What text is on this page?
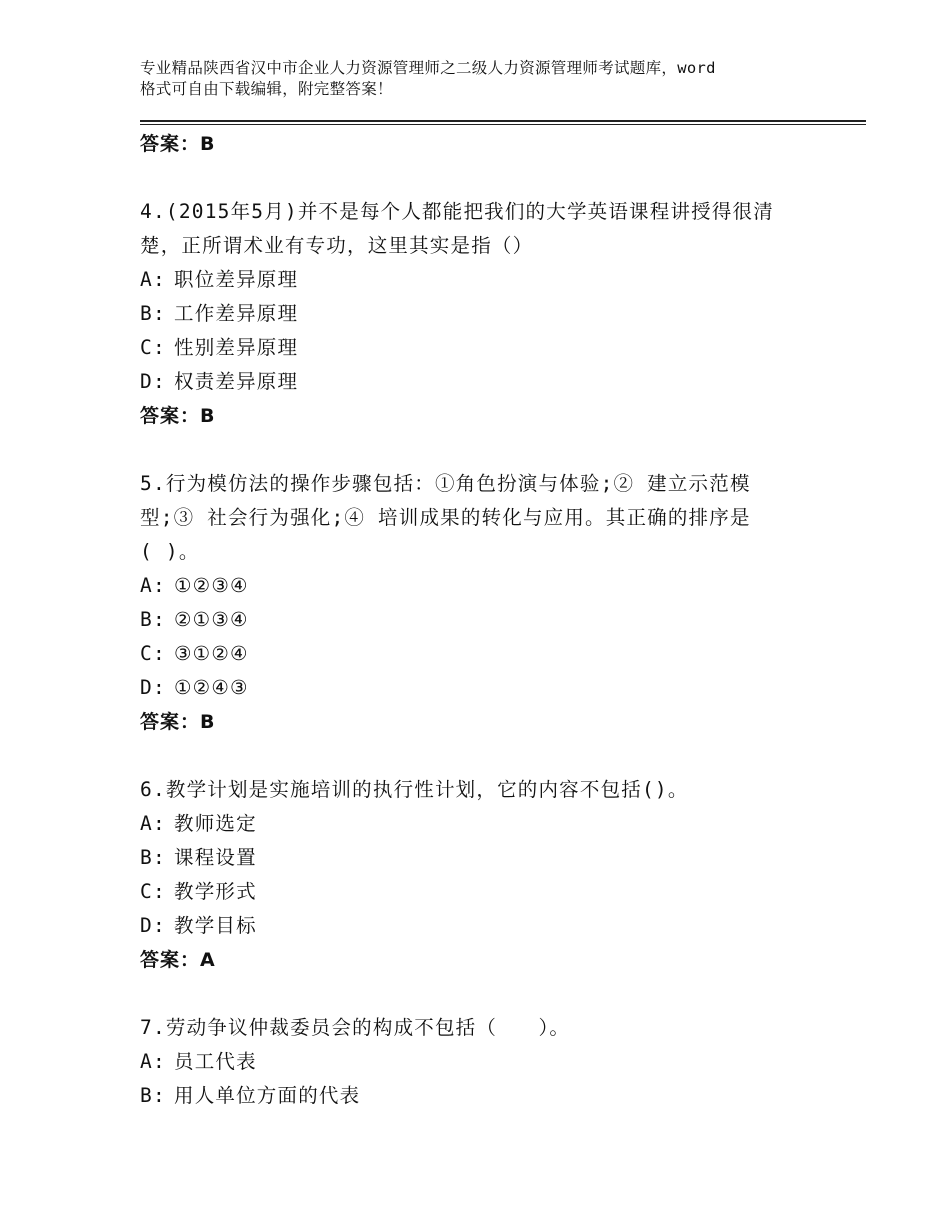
专业精品陕西省汉中市企业人力资源管理师之二级人力资源管理师考试题库，word
格式可自由下载编辑，附完整答案！
答案：B
4.(2015年5月)并不是每个人都能把我们的大学英语课程讲授得很清
楚，正所谓术业有专功，这里其实是指（）
A: 职位差异原理
B: 工作差异原理
C: 性别差异原理
D: 权责差异原理
答案：B
5.行为模仿法的操作步骤包括：①角色扮演与体验;② 建立示范模
型;③ 社会行为强化;④ 培训成果的转化与应用。其正确的排序是
( )。
A: ①②③④
B: ②①③④
C: ③①②④
D: ①②④③
答案：B
6.教学计划是实施培训的执行性计划，它的内容不包括()。
A: 教师选定
B: 课程设置
C: 教学形式
D: 教学目标
答案：A
7.劳动争议仲裁委员会的构成不包括（　　）。
A: 员工代表
B: 用人单位方面的代表
